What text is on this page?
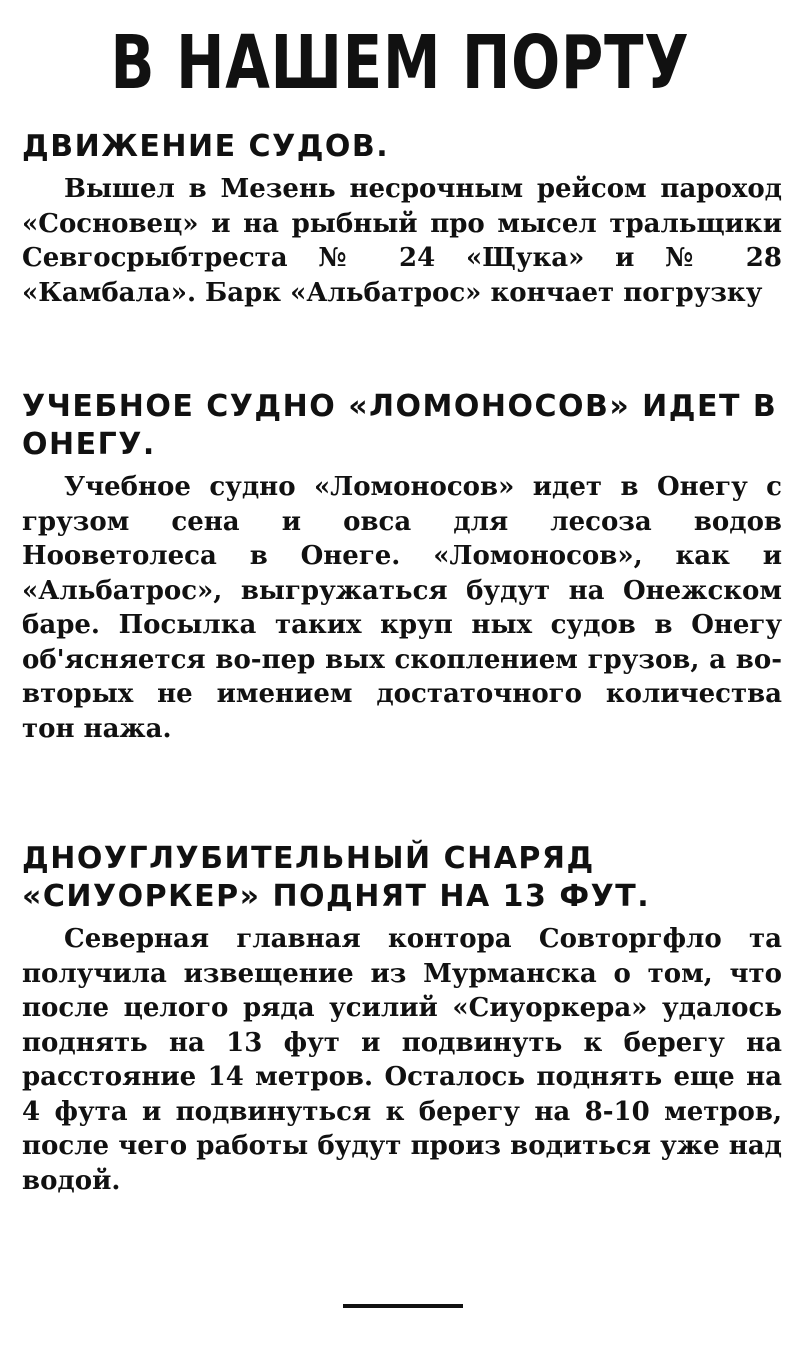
В НАШЕМ ПОРТУ
ДВИЖЕНИЕ СУДОВ.

Вышел в Мезень несрочным рейсом пароход «Сосновец» и на рыбный про мысел тральщики Севгосрыбтреста № 24 «Щука» и № 28 «Камбала». Барк «Альбатрос» кончает погрузку

УЧЕБНОЕ СУДНО «ЛОМОНОСОВ» ИДЕТ В ОНЕГУ.

Учебное судно «Ломоносов» идет в Онегу с грузом сена и овса для лесоза водов Нооветолеса в Онеге. «Ломоносов», как и «Альбатрос», выгружаться будут на Онежском баре. Посылка таких круп ных судов в Онегу об'ясняется во-пер вых скоплением грузов, а во-вторых не имением достаточного количества тон нажа.

ДНОУГЛУБИТЕЛЬНЫЙ СНАРЯД «СИУОРКЕР» ПОДНЯТ НА 13 ФУТ.

Северная главная контора Совторгфло та получила извещение из Мурманска о том, что после целого ряда усилий «Сиуоркера» удалось поднять на 13 фут и подвинуть к берегу на расстояние 14 метров. Осталось поднять еще на 4 фута и подвинуться к берегу на 8-10 метров, после чего работы будут произ водиться уже над водой.
